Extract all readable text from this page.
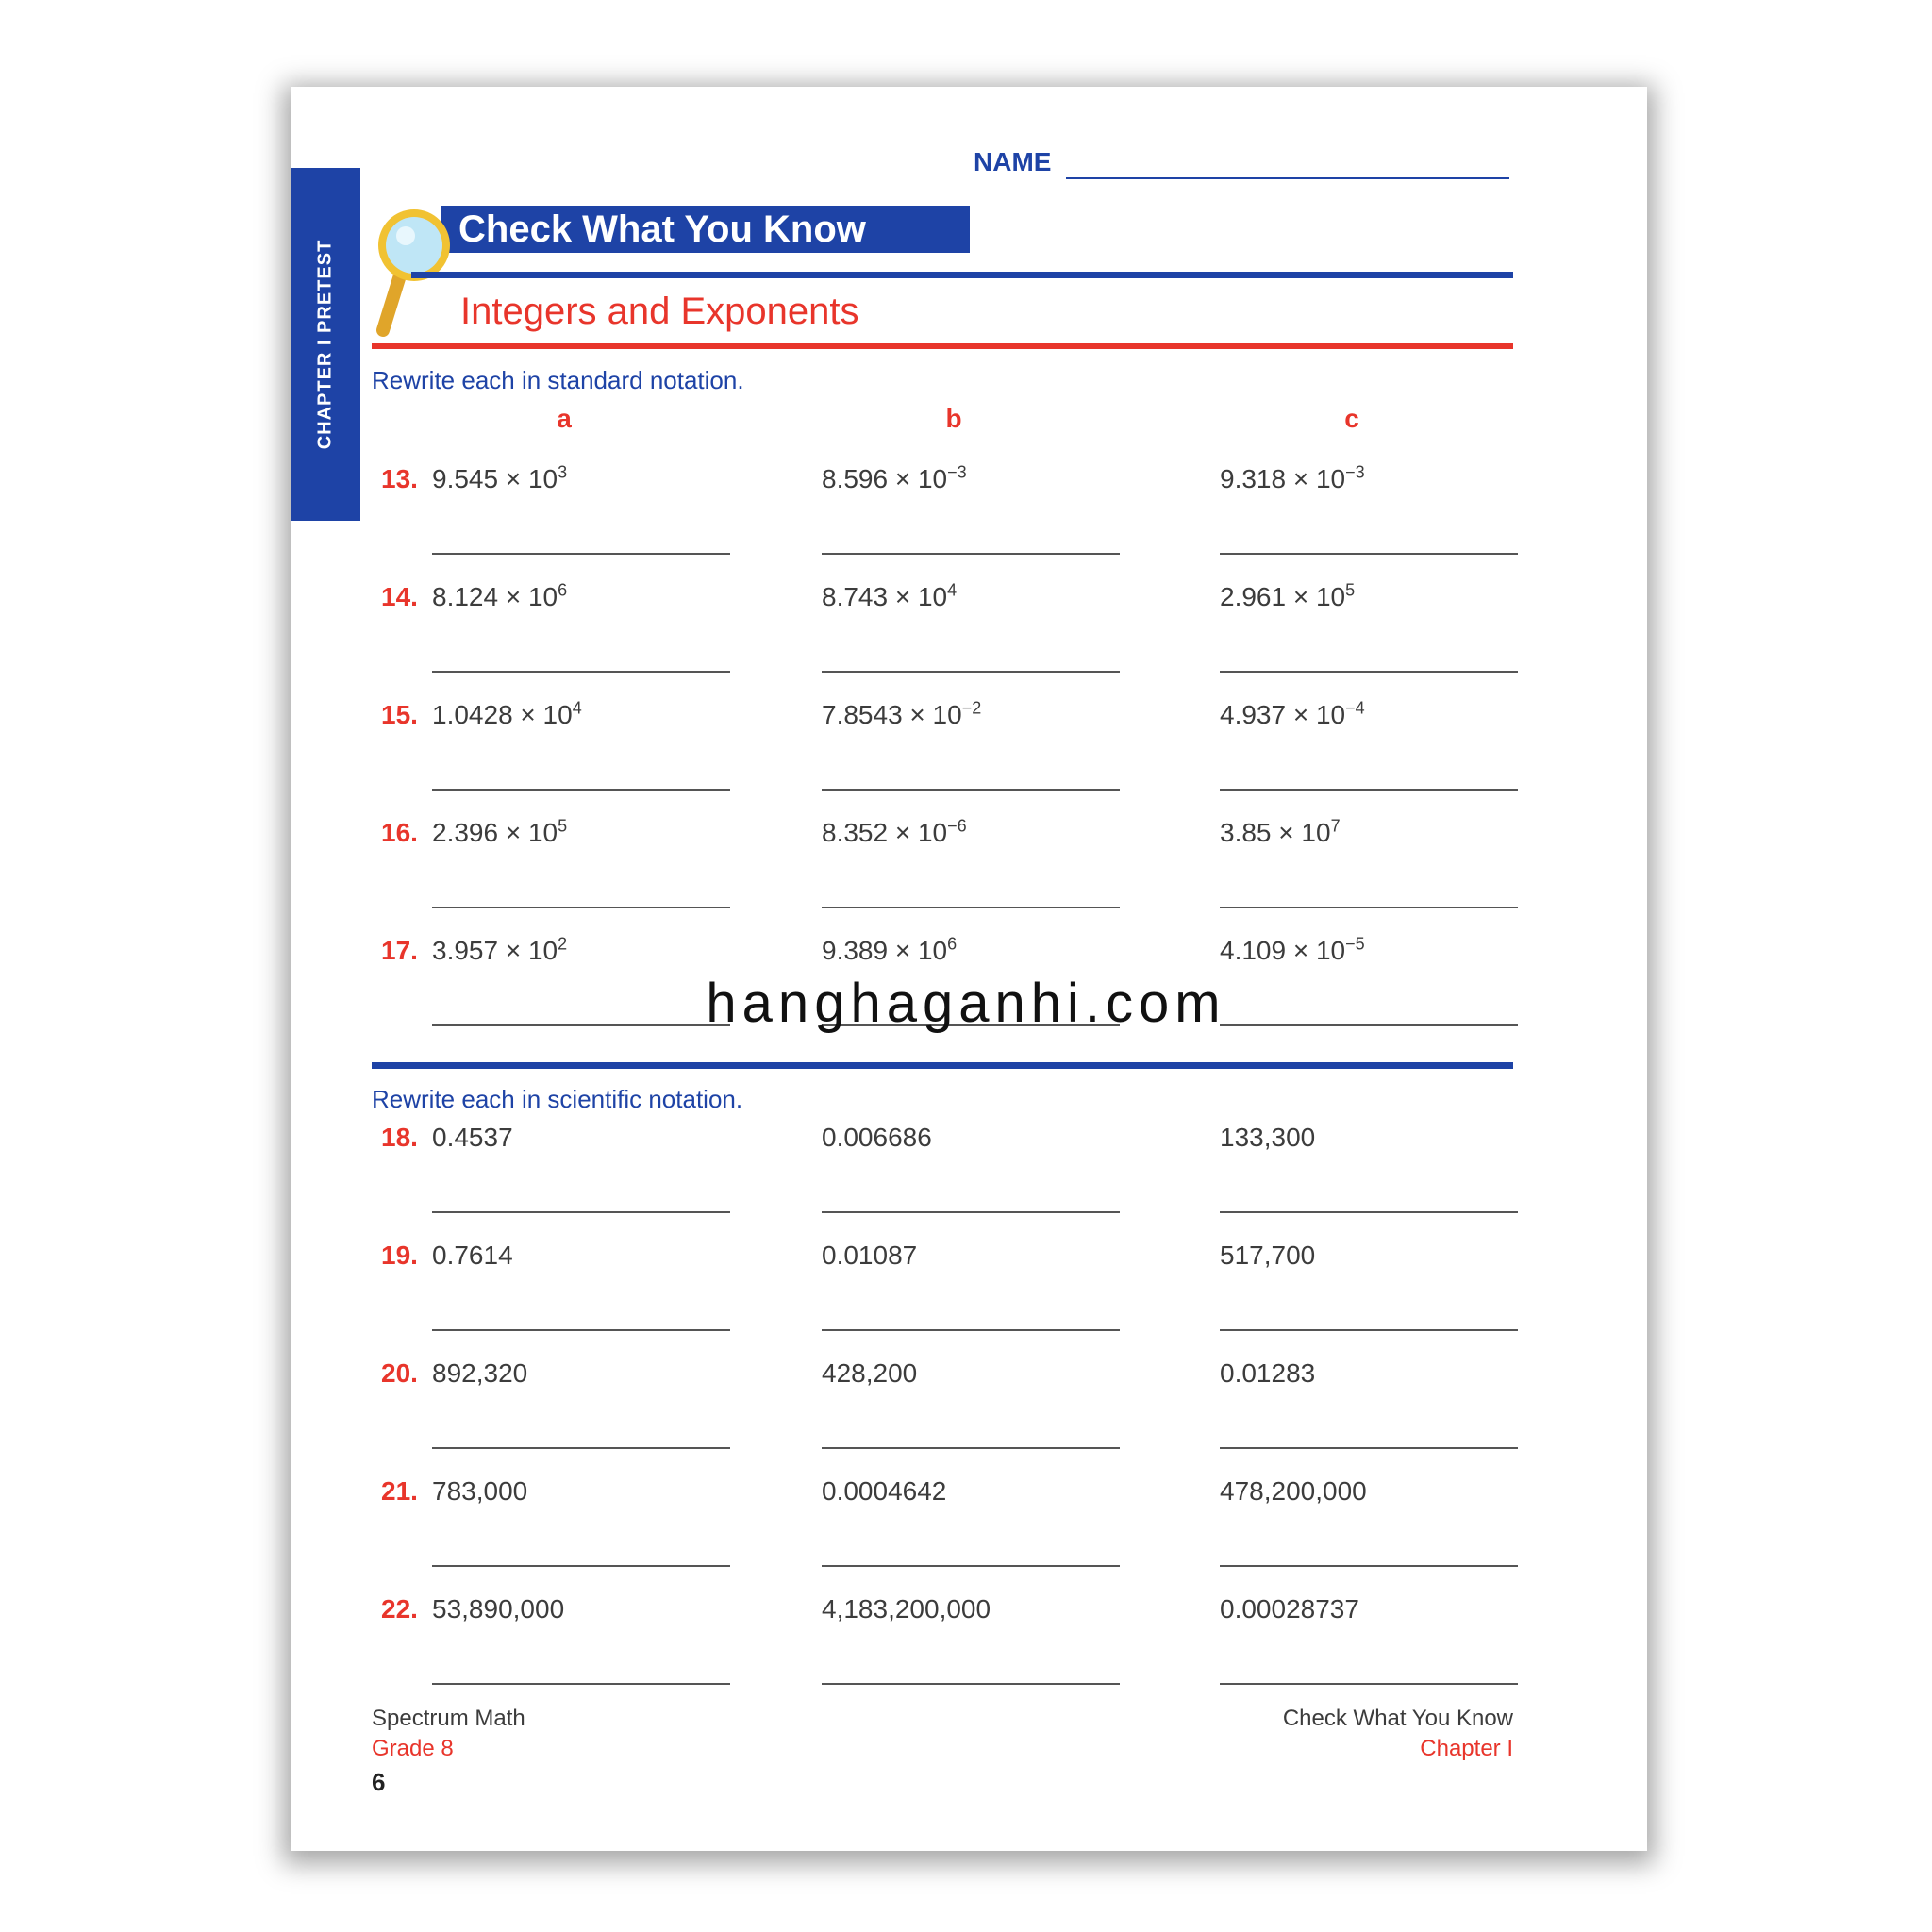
CHAPTER I PRETEST
NAME
Check What You Know
Integers and Exponents
Rewrite each in standard notation.
a	b	c
13. $9.545 \times 10^3$	$8.596 \times 10^{-3}$	$9.318 \times 10^{-3}$
14. $8.124 \times 10^6$	$8.743 \times 10^4$	$2.961 \times 10^5$
15. $1.0428 \times 10^4$	$7.8543 \times 10^{-2}$	$4.937 \times 10^{-4}$
16. $2.396 \times 10^5$	$8.352 \times 10^{-6}$	$3.85 \times 10^7$
17. $3.957 \times 10^2$	$9.389 \times 10^6$	$4.109 \times 10^{-5}$
Rewrite each in scientific notation.
18. 0.4537	0.006686	133,300
19. 0.7614	0.01087	517,700
20. 892,320	428,200	0.01283
21. 783,000	0.0004642	478,200,000
22. 53,890,000	4,183,200,000	0.00028737
Spectrum Math
Grade 8
6
Check What You Know
Chapter I
hanghaganhi.com
